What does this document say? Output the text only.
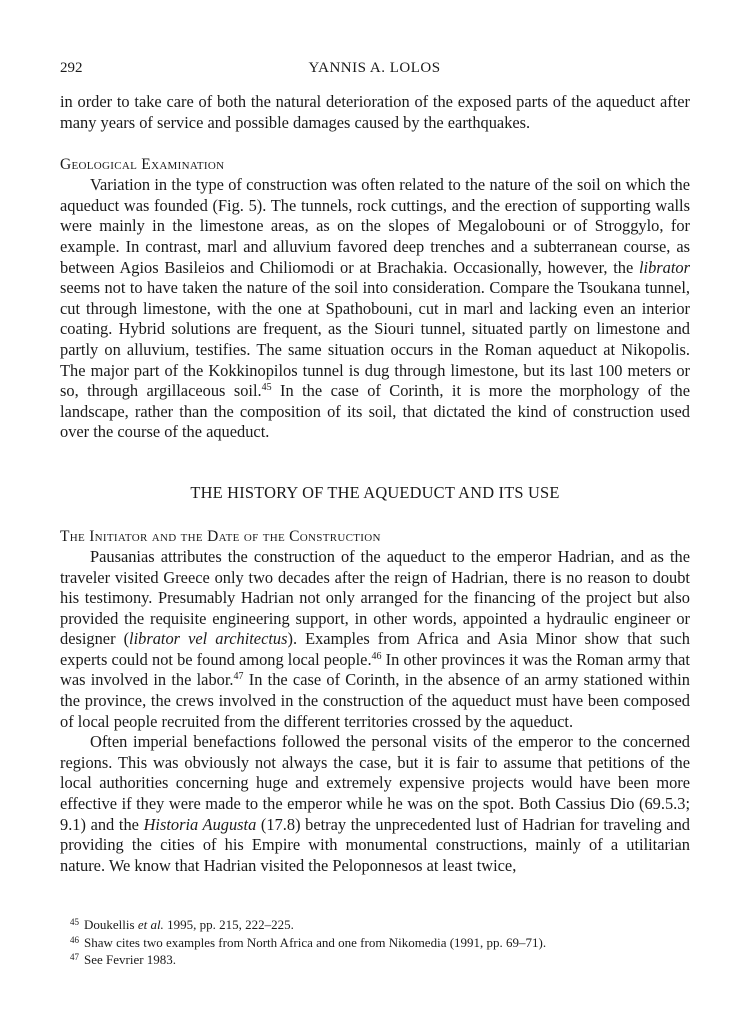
292	YANNIS A. LOLOS

in order to take care of both the natural deterioration of the exposed parts of the aqueduct after many years of service and possible damages caused by the earthquakes.

Geological Examination

Variation in the type of construction was often related to the nature of the soil on which the aqueduct was founded (Fig. 5). The tunnels, rock cuttings, and the erection of supporting walls were mainly in the limestone areas, as on the slopes of Megalobouni or of Stroggylo, for example. In contrast, marl and alluvium favored deep trenches and a subterranean course, as between Agios Basileios and Chiliomodi or at Brachakia. Occasionally, however, the librator seems not to have taken the nature of the soil into consideration. Compare the Tsoukana tunnel, cut through limestone, with the one at Spathobouni, cut in marl and lacking even an interior coating. Hybrid solutions are frequent, as the Siouri tunnel, situated partly on limestone and partly on alluvium, testifies. The same situation occurs in the Roman aqueduct at Nikopolis. The major part of the Kokkinopilos tunnel is dug through limestone, but its last 100 meters or so, through argillaceous soil.$^{45}$ In the case of Corinth, it is more the morphology of the landscape, rather than the composition of its soil, that dictated the kind of construction used over the course of the aqueduct.

THE HISTORY OF THE AQUEDUCT AND ITS USE
The Initiator and the Date of the Construction

Pausanias attributes the construction of the aqueduct to the emperor Hadrian, and as the traveler visited Greece only two decades after the reign of Hadrian, there is no reason to doubt his testimony. Presumably Hadrian not only arranged for the financing of the project but also provided the requisite engineering support, in other words, appointed a hydraulic engineer or designer (librator vel architectus). Examples from Africa and Asia Minor show that such experts could not be found among local people.$^{46}$ In other provinces it was the Roman army that was involved in the labor.$^{47}$ In the case of Corinth, in the absence of an army stationed within the province, the crews involved in the construction of the aqueduct must have been composed of local people recruited from the different territories crossed by the aqueduct.

Often imperial benefactions followed the personal visits of the emperor to the concerned regions. This was obviously not always the case, but it is fair to assume that petitions of the local authorities concerning huge and extremely expensive projects would have been more effective if they were made to the emperor while he was on the spot. Both Cassius Dio (69.5.3; 9.1) and the Historia Augusta (17.8) betray the unprecedented lust of Hadrian for traveling and providing the cities of his Empire with monumental constructions, mainly of a utilitarian nature. We know that Hadrian visited the Peloponnesos at least twice,

$^{45}$ Doukellis et al. 1995, pp. 215, 222–225.
$^{46}$ Shaw cites two examples from North Africa and one from Nikomedia (1991, pp. 69–71).
$^{47}$ See Fevrier 1983.
